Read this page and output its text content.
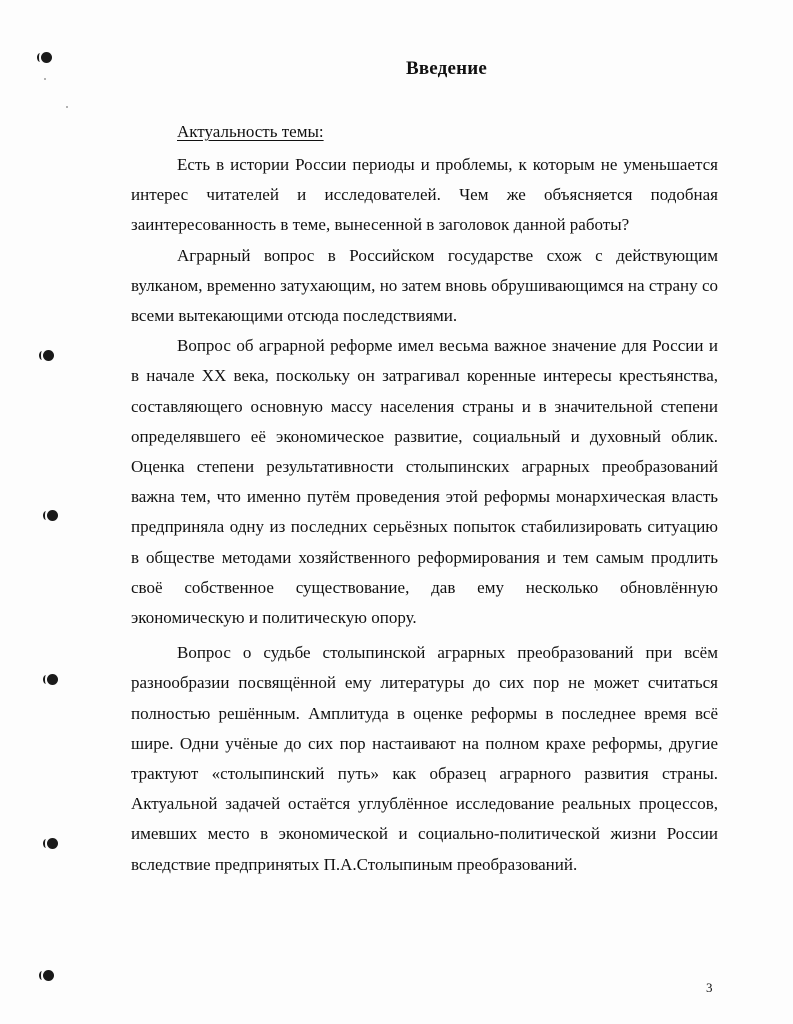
Введение
Актуальность темы:

Есть в истории России периоды и проблемы, к которым не уменьшается интерес читателей и исследователей. Чем же объясняется подобная заинтересованность в теме, вынесенной в заголовок данной работы?

Аграрный вопрос в Российском государстве схож с действующим вулканом, временно затухающим, но затем вновь обрушивающимся на страну со всеми вытекающими отсюда последствиями.

Вопрос об аграрной реформе имел весьма важное значение для России и в начале XX века, поскольку он затрагивал коренные интересы крестьянства, составляющего основную массу населения страны и в значительной степени определявшего её экономическое развитие, социальный и духовный облик. Оценка степени результативности столыпинских аграрных преобразований важна тем, что именно путём проведения этой реформы монархическая власть предприняла одну из последних серьёзных попыток стабилизировать ситуацию в обществе методами хозяйственного реформирования и тем самым продлить своё собственное существование, дав ему несколько обновлённую экономическую и политическую опору.

Вопрос о судьбе столыпинской аграрных преобразований при всём разнообразии посвящённой ему литературы до сих пор не может считаться полностью решённым. Амплитуда в оценке реформы в последнее время всё шире. Одни учёные до сих пор настаивают на полном крахе реформы, другие трактуют «столыпинский путь» как образец аграрного развития страны. Актуальной задачей остаётся углублённое исследование реальных процессов, имевших место в экономической и социально-политической жизни России вследствие предпринятых П.А.Столыпиным преобразований.

3
